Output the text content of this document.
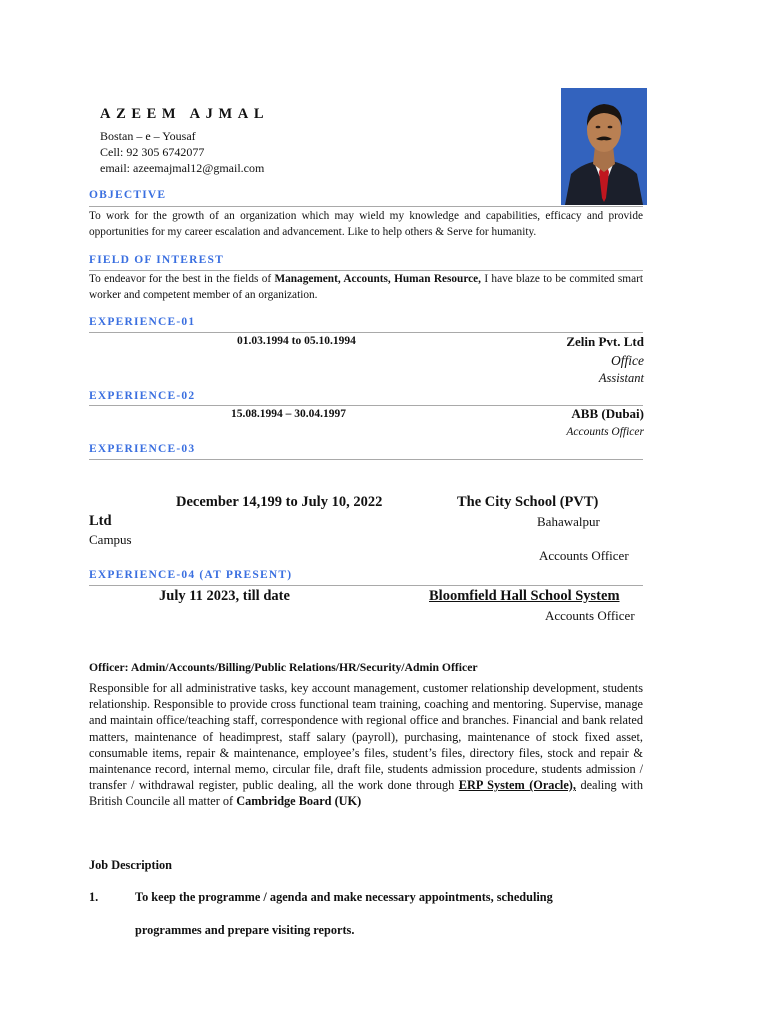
AZEEM AJMAL
Bostan – e – Yousaf
Cell: 92 305 6742077
email: azeemajmal12@gmail.com
OBJECTIVE
To work for the growth of an organization which may wield my knowledge and capabilities, efficacy and provide opportunities for my career escalation and advancement. Like to help others & Serve for humanity.
FIELD OF INTEREST
To endeavor for the best in the fields of Management, Accounts, Human Resource, I have blaze to be commited smart worker and competent member of an organization.
EXPERIENCE-01
01.03.1994 to 05.10.1994	Zelin Pvt. Ltd
Office
Assistant
EXPERIENCE-02
15.08.1994 – 30.04.1997	ABB (Dubai)
Accounts Officer
EXPERIENCE-03
December 14,199 to July 10, 2022	The City School (PVT)
Ltd	Bahawalpur
Campus
Accounts Officer
EXPERIENCE-04 (AT PRESENT)
July 11 2023, till date	Bloomfield Hall School System
Accounts Officer
Officer: Admin/Accounts/Billing/Public Relations/HR/Security/Admin Officer
Responsible for all administrative tasks, key account management, customer relationship development, students relationship. Responsible to provide cross functional team training, coaching and mentoring. Supervise, manage and maintain office/teaching staff, correspondence with regional office and branches. Financial and bank related matters, maintenance of headimprest, staff salary (payroll), purchasing, maintenance of stock fixed asset, consumable items, repair & maintenance, employee’s files, student’s files, directory files, stock and repair & maintenance record, internal memo, circular file, draft file, students admission procedure, students admission / transfer / withdrawal register, public dealing, all the work done through ERP System (Oracle), dealing with British Councile all matter of Cambridge Board (UK)
Job Description
1.	To keep the programme / agenda and make necessary appointments, scheduling
programmes and prepare visiting reports.
